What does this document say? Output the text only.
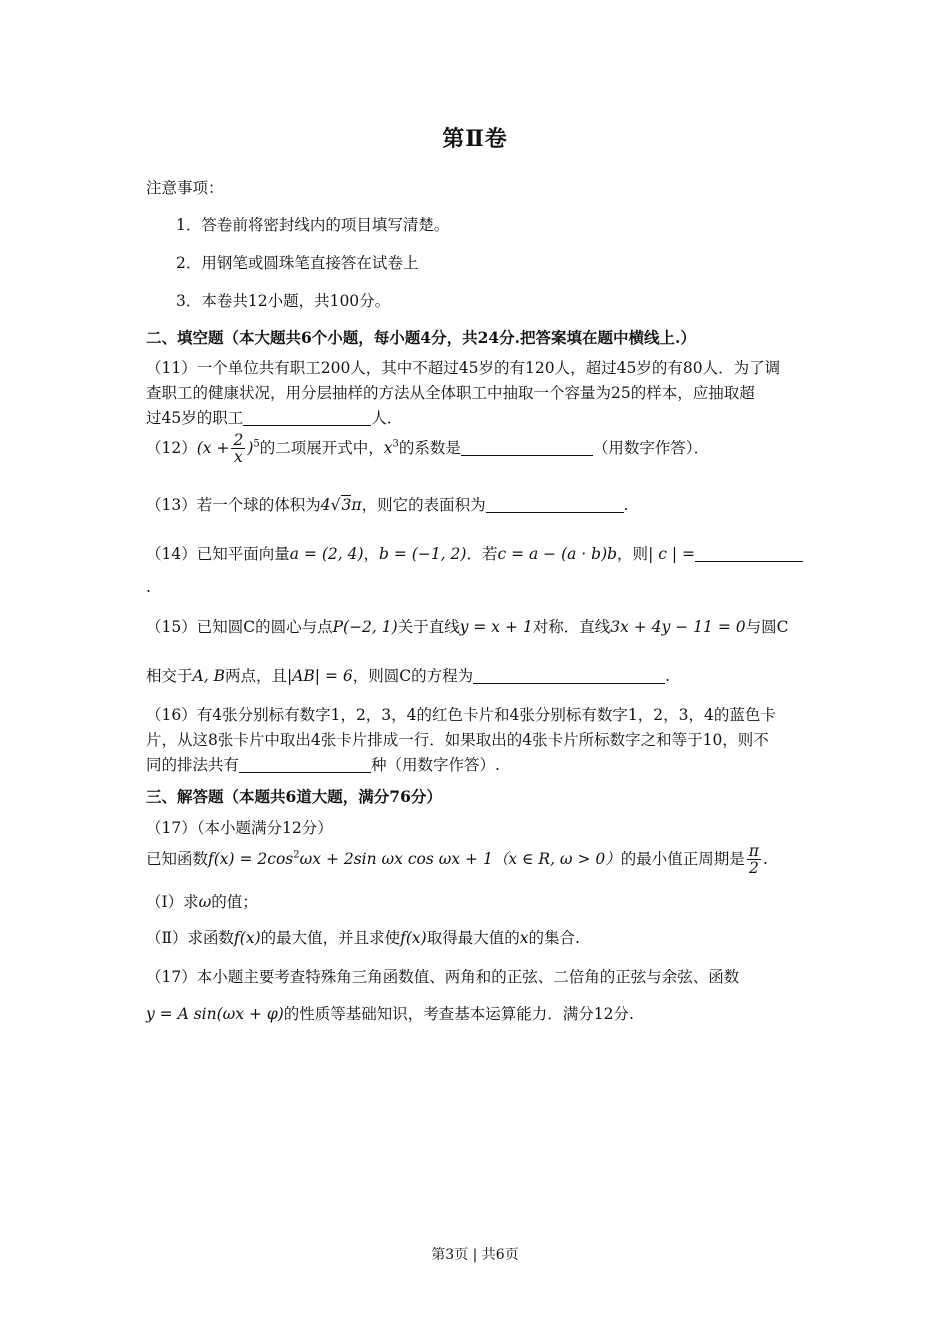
第Ⅱ卷
注意事项：
1．答卷前将密封线内的项目填写清楚。
2．用钢笔或圆珠笔直接答在试卷上
3．本卷共12小题，共100分。
二、填空题（本大题共6个小题，每小题4分，共24分.把答案填在题中横线上.）
（11）一个单位共有职工200人，其中不超过45岁的有120人，超过45岁的有80人．为了调
查职工的健康状况，用分层抽样的方法从全体职工中抽取一个容量为25的样本，应抽取超
过45岁的职工	人．
$(12)(x + \frac{2}{x} )^5$的二项展开式中，$x^3$的系数是	（用数字作答）．
（13）若一个球的体积为4√3π，则它的表面积为	.
（14）已知平面向量a = (2, 4)，b = (−1, 2)．若c = a − (a · b)b，则| c | =
.
（15）已知圆C的圆心与点P(−2, 1)关于直线y = x + 1对称．直线3x + 4y − 11 = 0与圆C
相交于A, B两点，且|AB| = 6，则圆C的方程为	.
（16）有4张分别标有数字1，2，3，4的红色卡片和4张分别标有数字1，2，3，4的蓝色卡
片，从这8张卡片中取出4张卡片排成一行．如果取出的4张卡片所标数字之和等于10，则不
同的排法共有	种（用数字作答）.
三、解答题（本题共6道大题，满分76分）
（17）（本小题满分12分）
已知函数$f(x) = 2\cos^2\omega x + 2\sin$ ωx cos ωx + 1（x ∈ R, ω > 0）的最小值正周期是 $\frac{\pi}{2}$ .
（Ⅰ）求ω的值；
（Ⅱ）求函数f(x)的最大值，并且求使f(x)取得最大值的x的集合.
（17）本小题主要考查特殊角三角函数值、两角和的正弦、二倍角的正弦与余弦、函数
y = A sin(ωx + φ)的性质等基础知识，考查基本运算能力．满分12分.
第3页 | 共6页
